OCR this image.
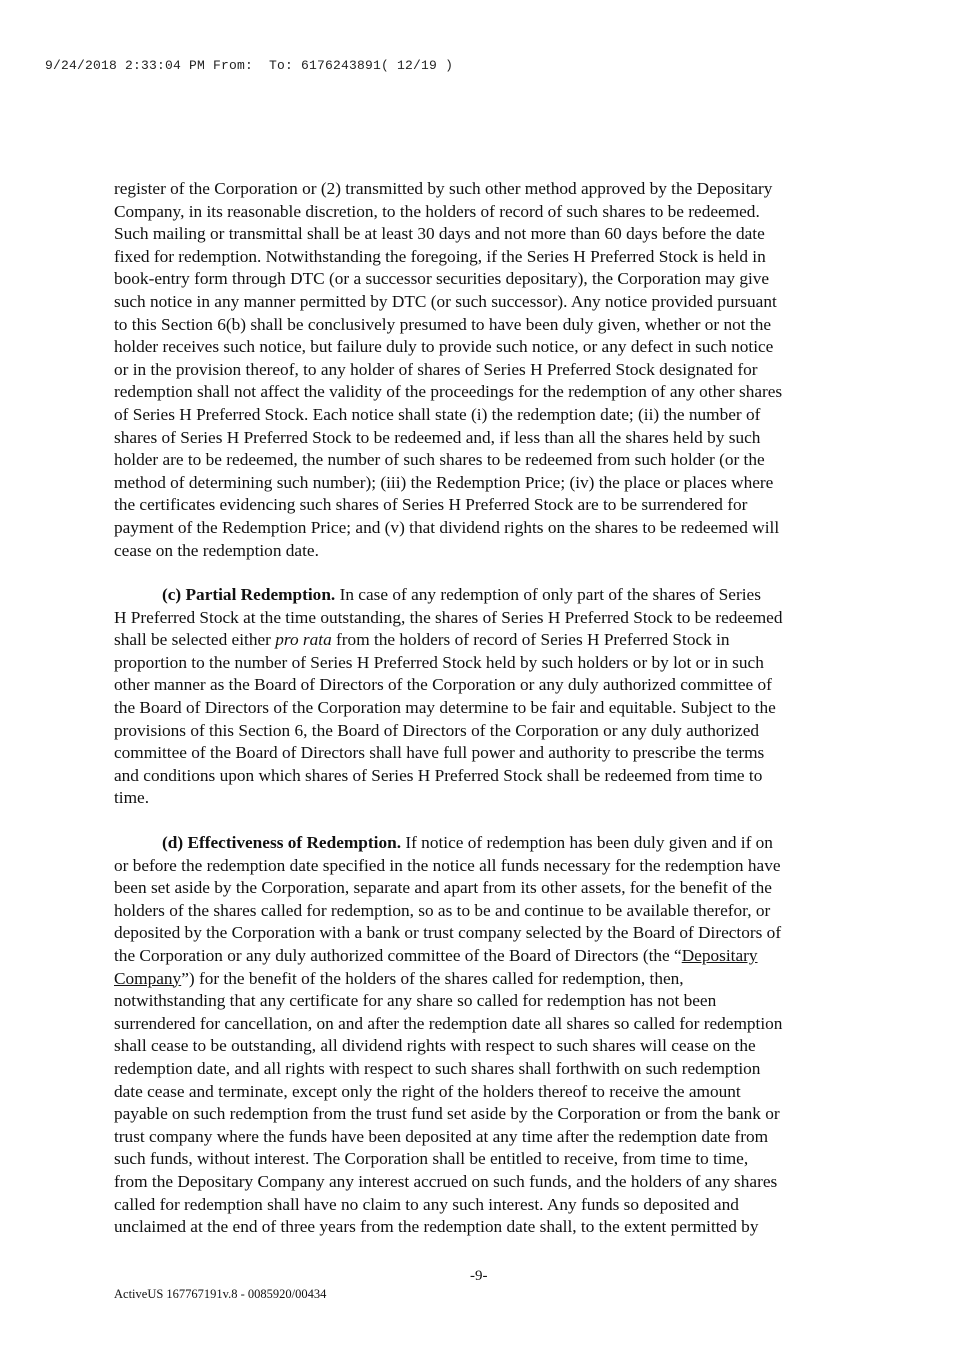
9/24/2018 2:33:04 PM From:  To: 6176243891( 12/19 )

register of the Corporation or (2) transmitted by such other method approved by the Depositary
Company, in its reasonable discretion, to the holders of record of such shares to be redeemed.
Such mailing or transmittal shall be at least 30 days and not more than 60 days before the date
fixed for redemption. Notwithstanding the foregoing, if the Series H Preferred Stock is held in
book-entry form through DTC (or a successor securities depositary), the Corporation may give
such notice in any manner permitted by DTC (or such successor). Any notice provided pursuant
to this Section 6(b) shall be conclusively presumed to have been duly given, whether or not the
holder receives such notice, but failure duly to provide such notice, or any defect in such notice
or in the provision thereof, to any holder of shares of Series H Preferred Stock designated for
redemption shall not affect the validity of the proceedings for the redemption of any other shares
of Series H Preferred Stock. Each notice shall state (i) the redemption date; (ii) the number of
shares of Series H Preferred Stock to be redeemed and, if less than all the shares held by such
holder are to be redeemed, the number of such shares to be redeemed from such holder (or the
method of determining such number); (iii) the Redemption Price; (iv) the place or places where
the certificates evidencing such shares of Series H Preferred Stock are to be surrendered for
payment of the Redemption Price; and (v) that dividend rights on the shares to be redeemed will
cease on the redemption date.

(c) Partial Redemption. In case of any redemption of only part of the shares of Series
H Preferred Stock at the time outstanding, the shares of Series H Preferred Stock to be redeemed
shall be selected either pro rata from the holders of record of Series H Preferred Stock in
proportion to the number of Series H Preferred Stock held by such holders or by lot or in such
other manner as the Board of Directors of the Corporation or any duly authorized committee of
the Board of Directors of the Corporation may determine to be fair and equitable. Subject to the
provisions of this Section 6, the Board of Directors of the Corporation or any duly authorized
committee of the Board of Directors shall have full power and authority to prescribe the terms
and conditions upon which shares of Series H Preferred Stock shall be redeemed from time to
time.

(d) Effectiveness of Redemption. If notice of redemption has been duly given and if on
or before the redemption date specified in the notice all funds necessary for the redemption have
been set aside by the Corporation, separate and apart from its other assets, for the benefit of the
holders of the shares called for redemption, so as to be and continue to be available therefor, or
deposited by the Corporation with a bank or trust company selected by the Board of Directors of
the Corporation or any duly authorized committee of the Board of Directors (the “Depositary
Company”) for the benefit of the holders of the shares called for redemption, then,
notwithstanding that any certificate for any share so called for redemption has not been
surrendered for cancellation, on and after the redemption date all shares so called for redemption
shall cease to be outstanding, all dividend rights with respect to such shares will cease on the
redemption date, and all rights with respect to such shares shall forthwith on such redemption
date cease and terminate, except only the right of the holders thereof to receive the amount
payable on such redemption from the trust fund set aside by the Corporation or from the bank or
trust company where the funds have been deposited at any time after the redemption date from
such funds, without interest. The Corporation shall be entitled to receive, from time to time,
from the Depositary Company any interest accrued on such funds, and the holders of any shares
called for redemption shall have no claim to any such interest. Any funds so deposited and
unclaimed at the end of three years from the redemption date shall, to the extent permitted by

-9-
ActiveUS 167767191v.8 - 0085920/00434
